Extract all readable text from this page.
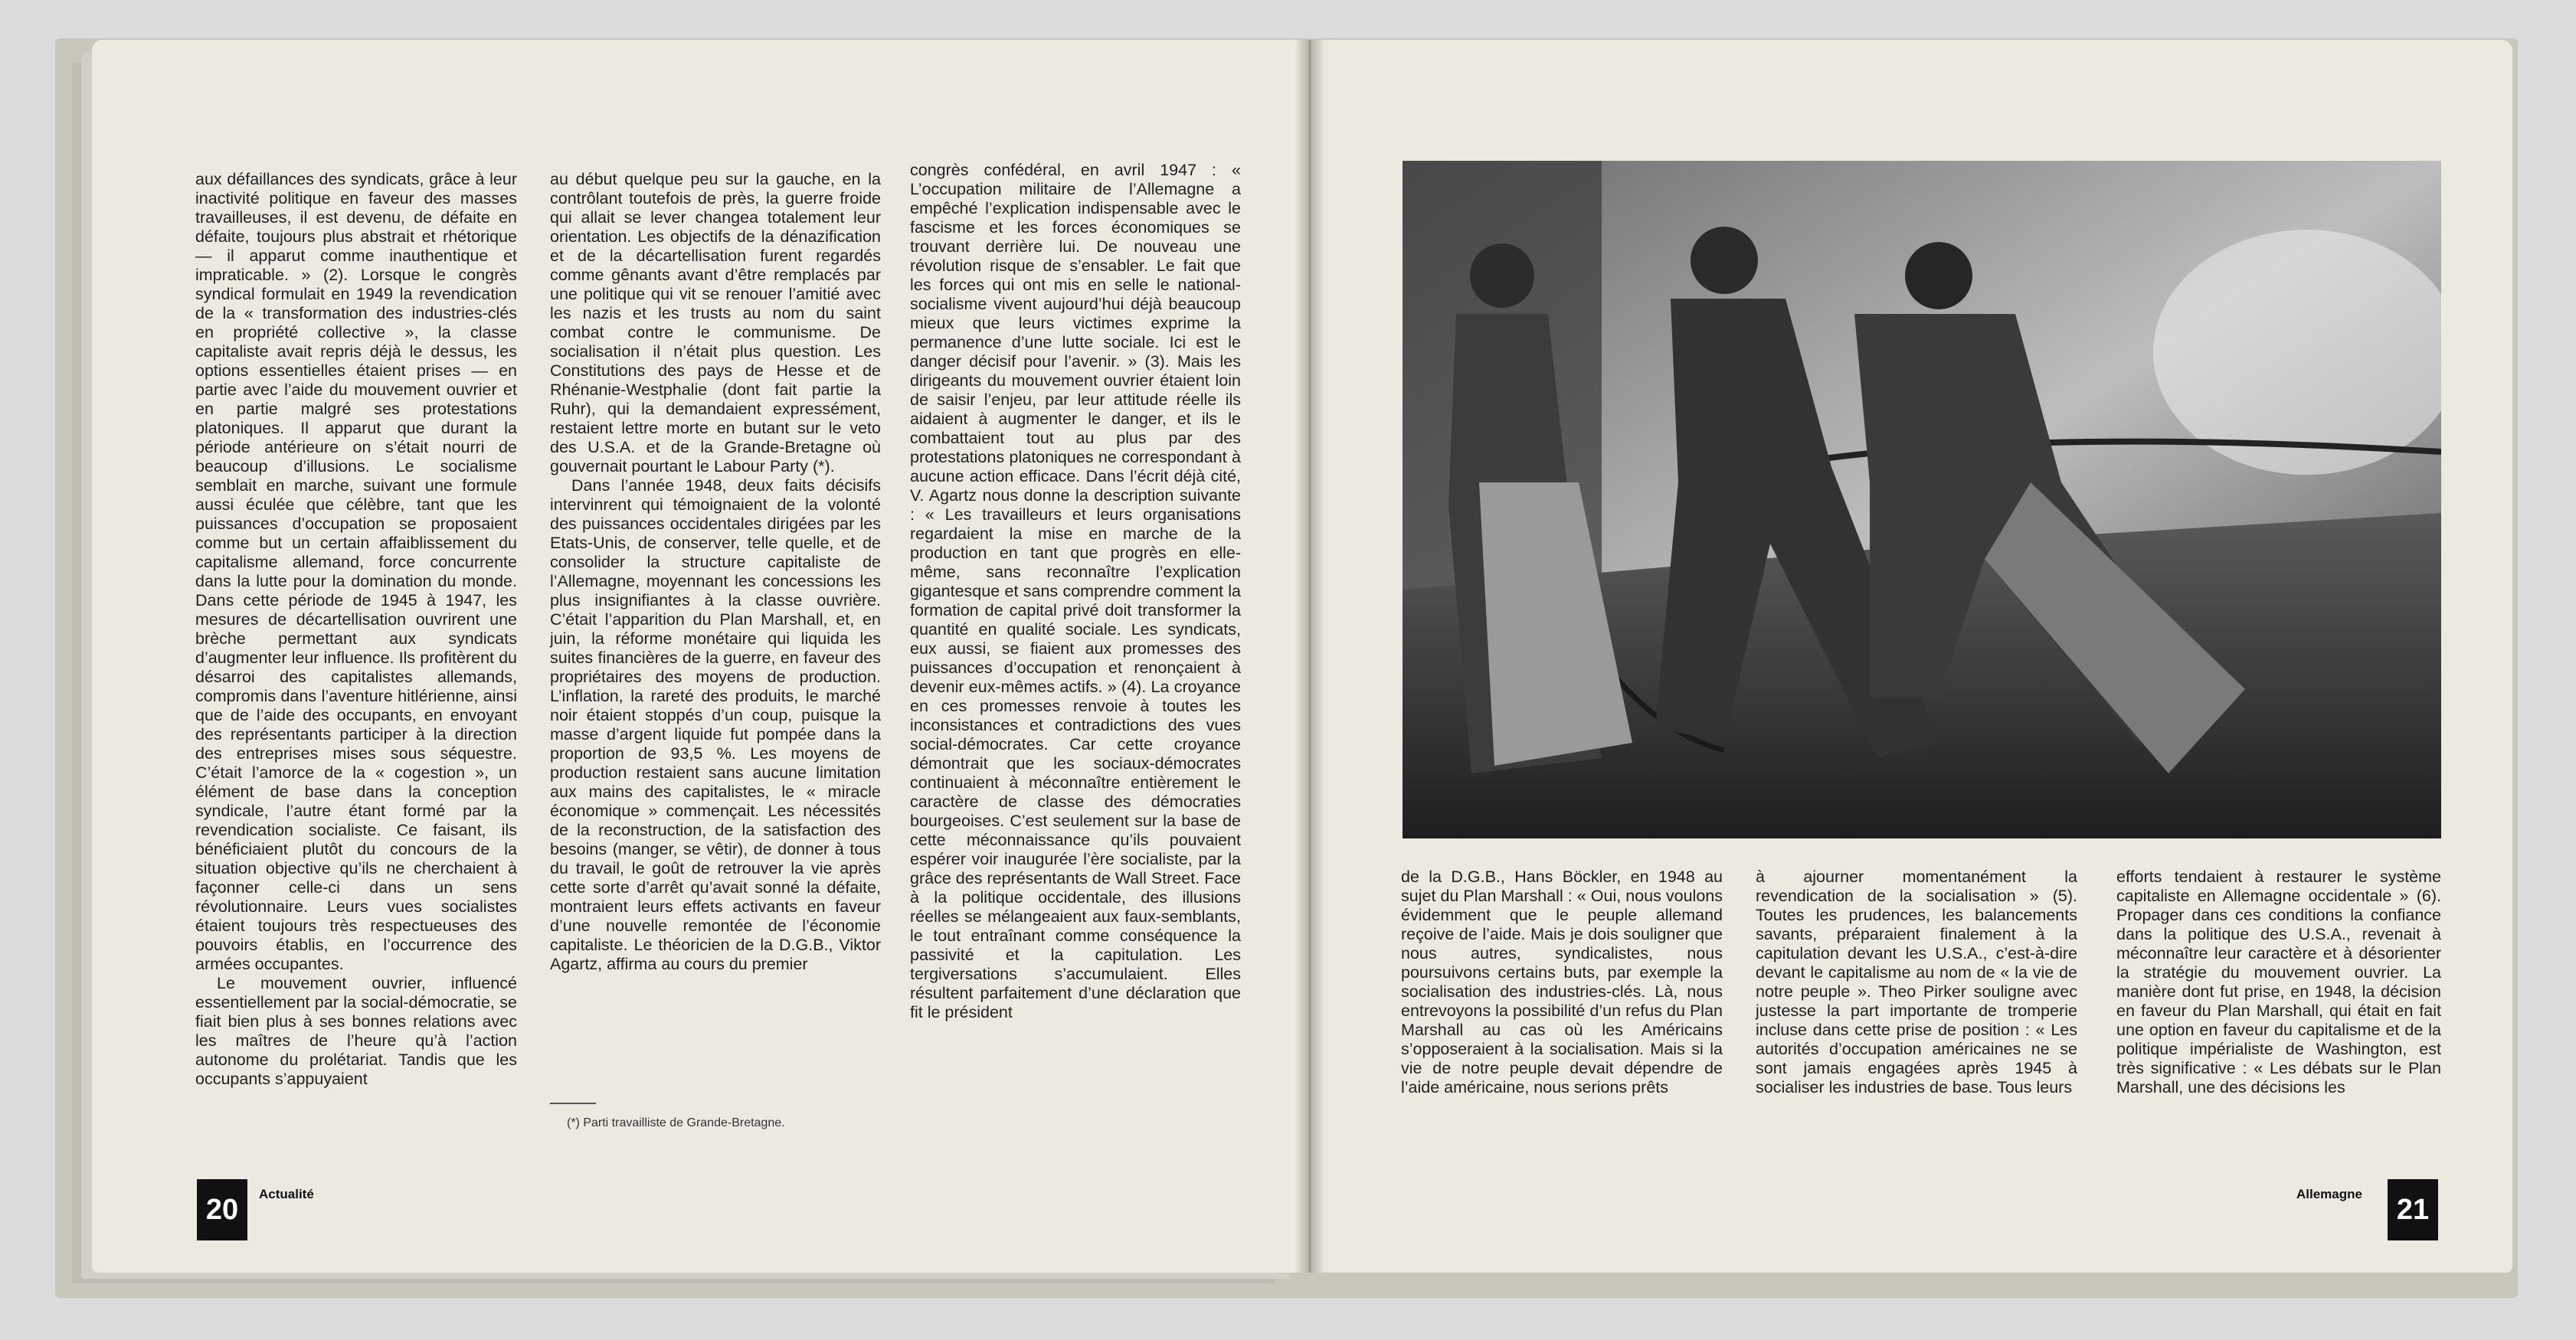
aux défaillances des syndicats, grâce à leur inactivité politique en faveur des masses travailleuses, il est devenu, de défaite en défaite, toujours plus abstrait et rhétorique — il apparut comme inauthentique et impraticable. » (2). Lorsque le congrès syndical formulait en 1949 la revendication de la « transformation des industries-clés en propriété collective », la classe capitaliste avait repris déjà le dessus, les options essentielles étaient prises — en partie avec l’aide du mouvement ouvrier et en partie malgré ses protestations platoniques. Il apparut que durant la période antérieure on s’était nourri de beaucoup d’illusions. Le socialisme semblait en marche, suivant une formule aussi éculée que célèbre, tant que les puissances d’occupation se proposaient comme but un certain affaiblissement du capitalisme allemand, force concurrente dans la lutte pour la domination du monde. Dans cette période de 1945 à 1947, les mesures de décartellisation ouvrirent une brèche permettant aux syndicats d’augmenter leur influence. Ils profitèrent du désarroi des capitalistes allemands, compromis dans l’aventure hitlérienne, ainsi que de l’aide des occupants, en envoyant des représentants participer à la direction des entreprises mises sous séquestre. C’était l’amorce de la « cogestion », un élément de base dans la conception syndicale, l’autre étant formé par la revendication socialiste. Ce faisant, ils bénéficiaient plutôt du concours de la situation objective qu’ils ne cherchaient à façonner celle-ci dans un sens révolutionnaire. Leurs vues socialistes étaient toujours très respectueuses des pouvoirs établis, en l’occurrence des armées occupantes.

Le mouvement ouvrier, influencé essentiellement par la social-démocratie, se fiait bien plus à ses bonnes relations avec les maîtres de l’heure qu’à l’action autonome du prolétariat. Tandis que les occupants s’appuyaient

au début quelque peu sur la gauche, en la contrôlant toutefois de près, la guerre froide qui allait se lever changea totalement leur orientation. Les objectifs de la dénazification et de la décartellisation furent regardés comme gênants avant d’être remplacés par une politique qui vit se renouer l’amitié avec les nazis et les trusts au nom du saint combat contre le communisme. De socialisation il n’était plus question. Les Constitutions des pays de Hesse et de Rhénanie-Westphalie (dont fait partie la Ruhr), qui la demandaient expressément, restaient lettre morte en butant sur le veto des U.S.A. et de la Grande-Bretagne où gouvernait pourtant le Labour Party (*).

Dans l’année 1948, deux faits décisifs intervinrent qui témoignaient de la volonté des puissances occidentales dirigées par les Etats-Unis, de conserver, telle quelle, et de consolider la structure capitaliste de l’Allemagne, moyennant les concessions les plus insignifiantes à la classe ouvrière. C’était l’apparition du Plan Marshall, et, en juin, la réforme monétaire qui liquida les suites financières de la guerre, en faveur des propriétaires des moyens de production. L’inflation, la rareté des produits, le marché noir étaient stoppés d’un coup, puisque la masse d’argent liquide fut pompée dans la proportion de 93,5 %. Les moyens de production restaient sans aucune limitation aux mains des capitalistes, le « miracle économique » commençait. Les nécessités de la reconstruction, de la satisfaction des besoins (manger, se vêtir), de donner à tous du travail, le goût de retrouver la vie après cette sorte d’arrêt qu’avait sonné la défaite, montraient leurs effets activants en faveur d’une nouvelle remontée de l’économie capitaliste. Le théoricien de la D.G.B., Viktor Agartz, affirma au cours du premier

(*) Parti travailliste de Grande-Bretagne.

congrès confédéral, en avril 1947 : « L’occupation militaire de l’Allemagne a empêché l’explication indispensable avec le fascisme et les forces économiques se trouvant derrière lui. De nouveau une révolution risque de s’ensabler. Le fait que les forces qui ont mis en selle le national-socialisme vivent aujourd’hui déjà beaucoup mieux que leurs victimes exprime la permanence d’une lutte sociale. Ici est le danger décisif pour l’avenir. » (3). Mais les dirigeants du mouvement ouvrier étaient loin de saisir l’enjeu, par leur attitude réelle ils aidaient à augmenter le danger, et ils le combattaient tout au plus par des protestations platoniques ne correspondant à aucune action efficace. Dans l’écrit déjà cité, V. Agartz nous donne la description suivante : « Les travailleurs et leurs organisations regardaient la mise en marche de la production en tant que progrès en elle-même, sans reconnaître l’explication gigantesque et sans comprendre comment la formation de capital privé doit transformer la quantité en qualité sociale. Les syndicats, eux aussi, se fiaient aux promesses des puissances d’occupation et renonçaient à devenir eux-mêmes actifs. » (4). La croyance en ces promesses renvoie à toutes les inconsistances et contradictions des vues social-démocrates. Car cette croyance démontrait que les sociaux-démocrates continuaient à méconnaître entièrement le caractère de classe des démocraties bourgeoises. C’est seulement sur la base de cette méconnaissance qu’ils pouvaient espérer voir inaugurée l’ère socialiste, par la grâce des représentants de Wall Street. Face à la politique occidentale, des illusions réelles se mélangeaient aux faux-semblants, le tout entraînant comme conséquence la passivité et la capitulation. Les tergiversations s’accumulaient. Elles résultent parfaitement d’une déclaration que fit le président

20	Actualité

de la D.G.B., Hans Böckler, en 1948 au sujet du Plan Marshall : « Oui, nous voulons évidemment que le peuple allemand reçoive de l’aide. Mais je dois souligner que nous autres, syndicalistes, nous poursuivons certains buts, par exemple la socialisation des industries-clés. Là, nous entrevoyons la possibilité d’un refus du Plan Marshall au cas où les Américains s’opposeraient à la socialisation. Mais si la vie de notre peuple devait dépendre de l’aide américaine, nous serions prêts

à ajourner momentanément la revendication de la socialisation » (5). Toutes les prudences, les balancements savants, préparaient finalement à la capitulation devant les U.S.A., c’est-à-dire devant le capitalisme au nom de « la vie de notre peuple ». Theo Pirker souligne avec justesse la part importante de tromperie incluse dans cette prise de position : « Les autorités d’occupation américaines ne se sont jamais engagées après 1945 à socialiser les industries de base. Tous leurs

efforts tendaient à restaurer le système capitaliste en Allemagne occidentale » (6). Propager dans ces conditions la confiance dans la politique des U.S.A., revenait à méconnaître leur caractère et à désorienter la stratégie du mouvement ouvrier. La manière dont fut prise, en 1948, la décision en faveur du Plan Marshall, qui était en fait une option en faveur du capitalisme et de la politique impérialiste de Washington, est très significative : « Les débats sur le Plan Marshall, une des décisions les

Allemagne	21
